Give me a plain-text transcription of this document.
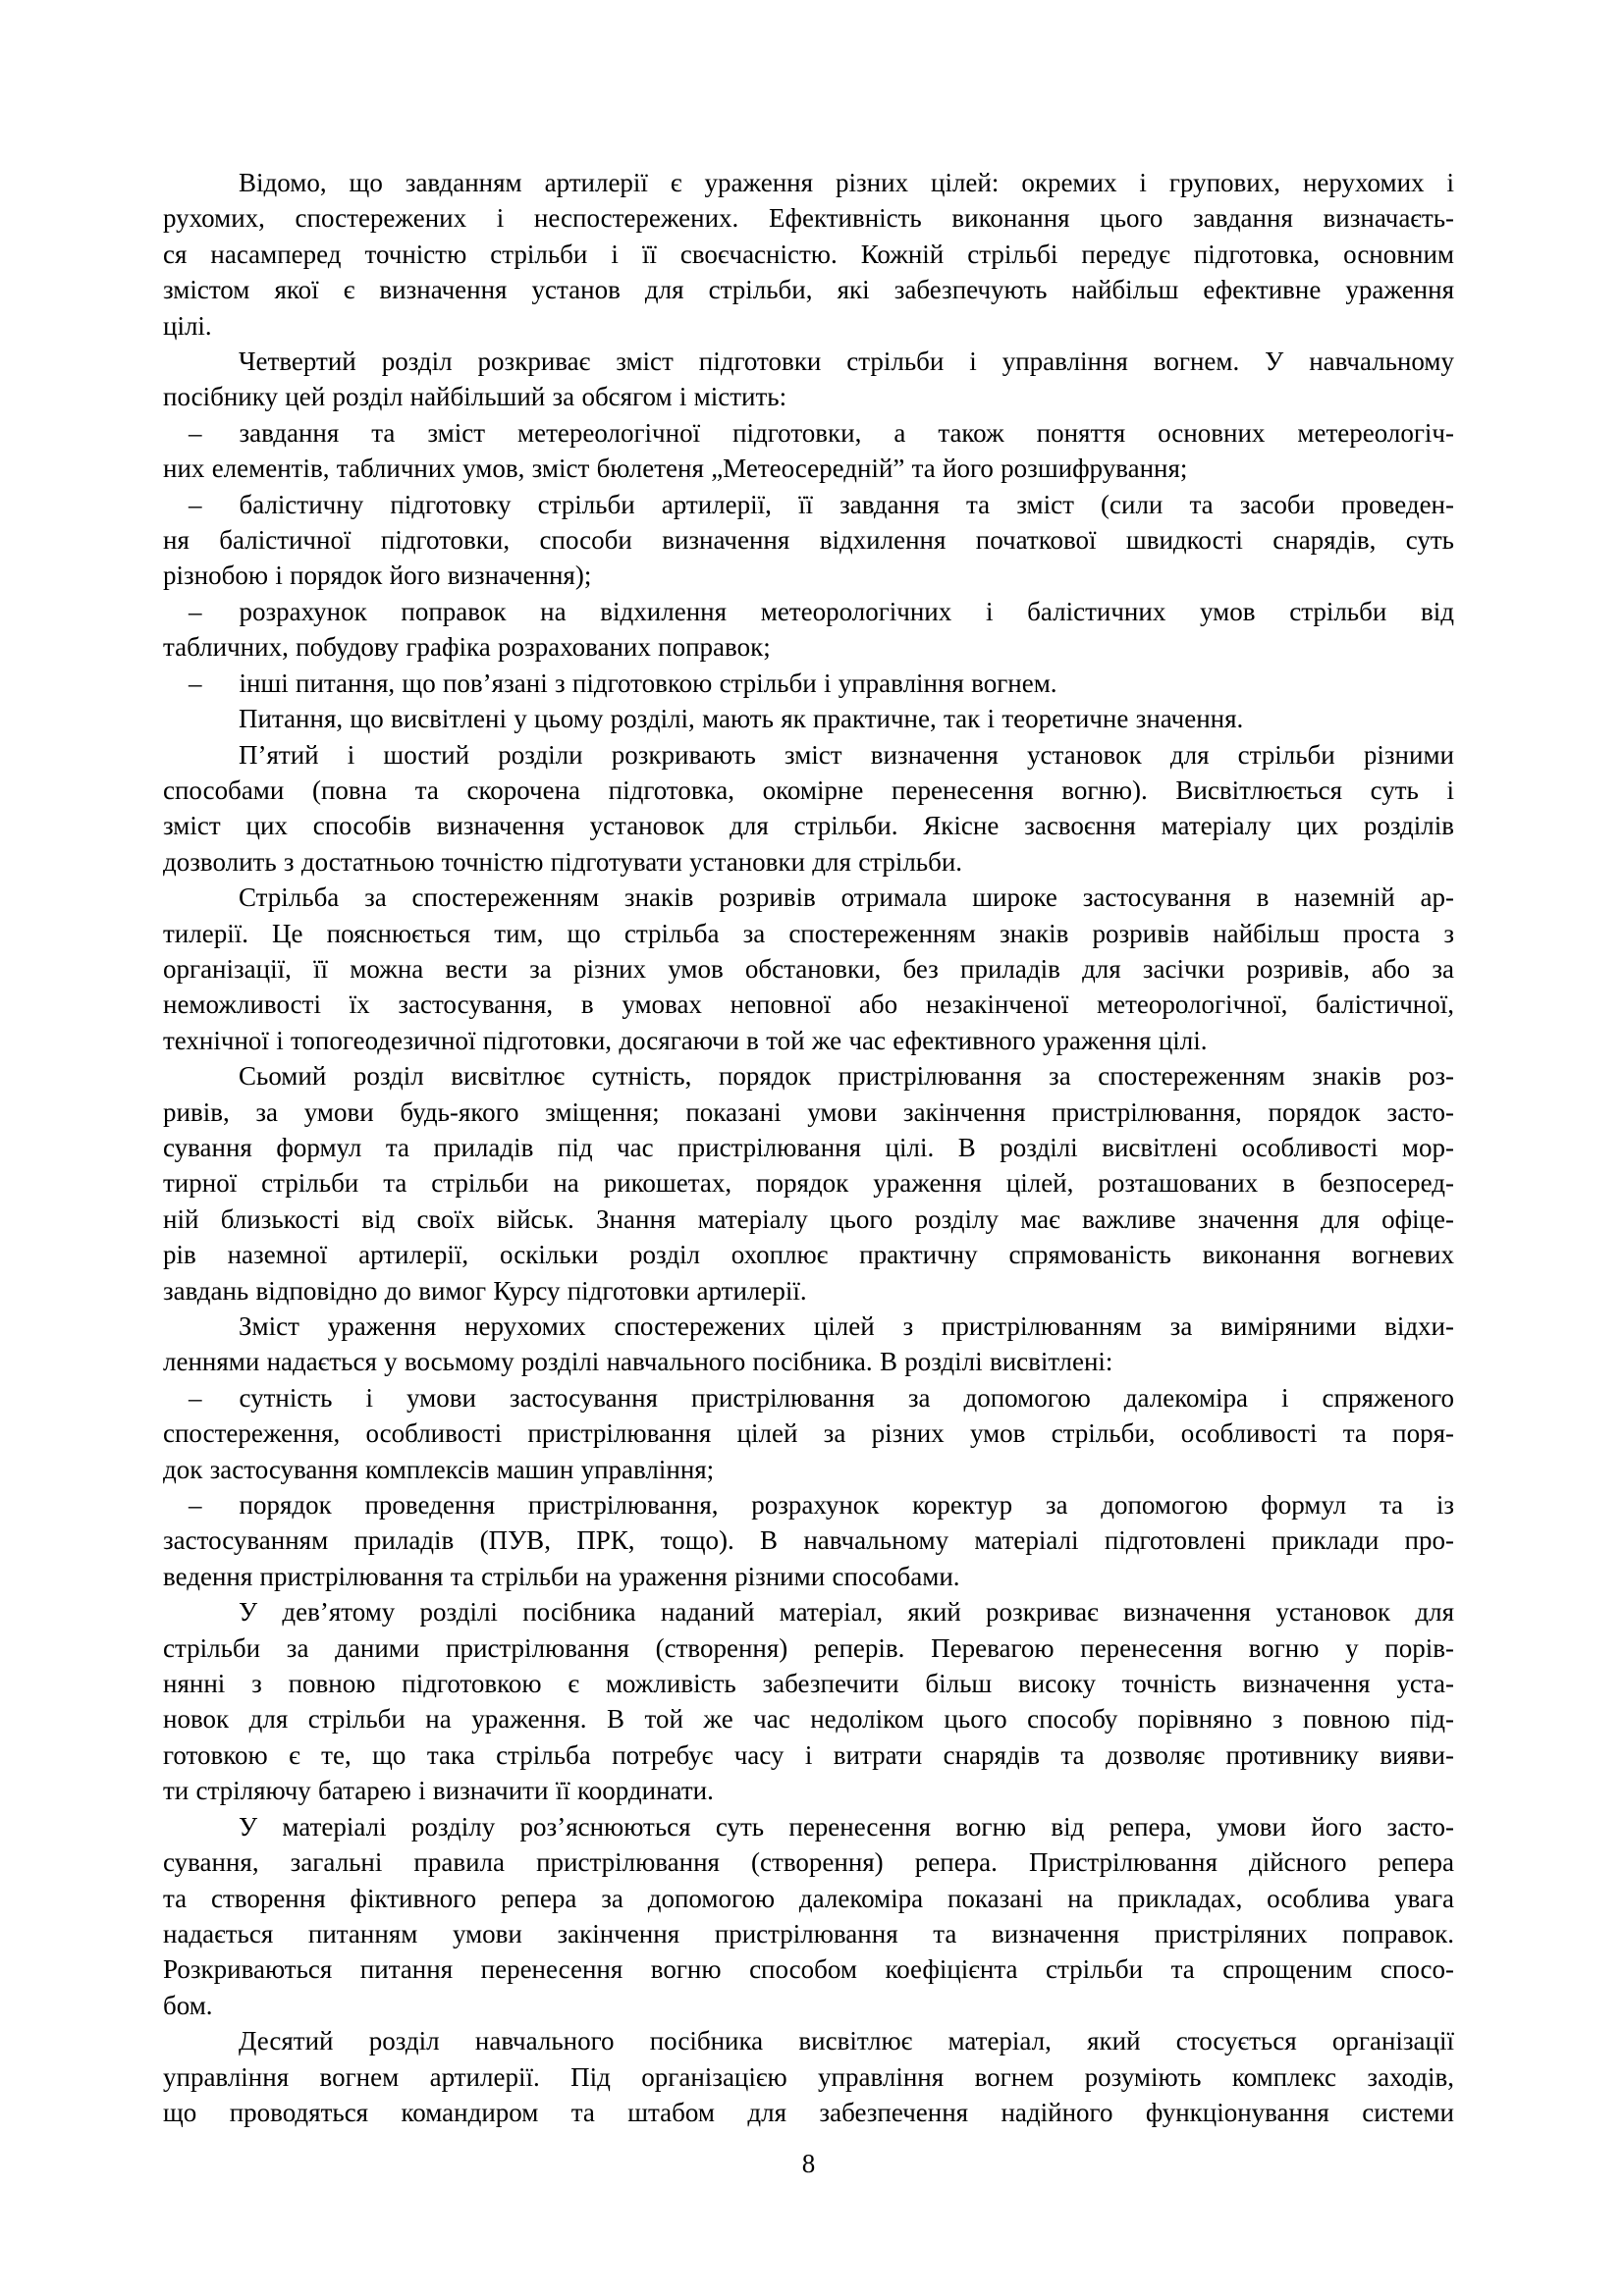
Відомо, що завданням артилерії є ураження різних цілей: окремих і групових, нерухомих і
рухомих, спостережених і неспостережених. Ефективність виконання цього завдання визначаєть-
ся насамперед точністю стрільби і її своєчасністю. Кожній стрільбі передує підготовка, основним
змістом якої є визначення установ для стрільби, які забезпечують найбільш ефективне ураження
цілі.
Четвертий розділ розкриває зміст підготовки стрільби і управління вогнем. У навчальному
посібнику цей розділ найбільший за обсягом і містить:
– завдання та зміст метереологічної підготовки, а також поняття основних метереологіч-
них елементів, табличних умов, зміст бюлетеня „Метеосередній” та його розшифрування;
– балістичну підготовку стрільби артилерії, її завдання та зміст (сили та засоби проведен-
ня балістичної підготовки, способи визначення відхилення початкової швидкості снарядів, суть
різнобою і порядок його визначення);
– розрахунок поправок на відхилення метеорологічних і балістичних умов стрільби від
табличних, побудову графіка розрахованих поправок;
– інші питання, що пов’язані з підготовкою стрільби і управління вогнем.
Питання, що висвітлені у цьому розділі, мають як практичне, так і теоретичне значення.
П’ятий і шостий розділи розкривають зміст визначення установок для стрільби різними
способами (повна та скорочена підготовка, окомірне перенесення вогню). Висвітлюється суть і
зміст цих способів визначення установок для стрільби. Якісне засвоєння матеріалу цих розділів
дозволить з достатньою точністю підготувати установки для стрільби.
Стрільба за спостереженням знаків розривів отримала широке застосування в наземній ар-
тилерії. Це пояснюється тим, що стрільба за спостереженням знаків розривів найбільш проста з
організації, її можна вести за різних умов обстановки, без приладів для засічки розривів, або за
неможливості їх застосування, в умовах неповної або незакінченої метеорологічної, балістичної,
технічної і топогеодезичної підготовки, досягаючи в той же час ефективного ураження цілі.
Сьомий розділ висвітлює сутність, порядок пристрілювання за спостереженням знаків роз-
ривів, за умови будь-якого зміщення; показані умови закінчення пристрілювання, порядок засто-
сування формул та приладів під час пристрілювання цілі. В розділі висвітлені особливості мор-
тирної стрільби та стрільби на рикошетах, порядок ураження цілей, розташованих в безпосеред-
ній близькості від своїх військ. Знання матеріалу цього розділу має важливе значення для офіце-
рів наземної артилерії, оскільки розділ охоплює практичну спрямованість виконання вогневих
завдань відповідно до вимог Курсу підготовки артилерії.
Зміст ураження нерухомих спостережених цілей з пристрілюванням за виміряними відхи-
леннями надається у восьмому розділі навчального посібника. В розділі висвітлені:
– сутність і умови застосування пристрілювання за допомогою далекоміра і спряженого
спостереження, особливості пристрілювання цілей за різних умов стрільби, особливості та поря-
док застосування комплексів машин управління;
– порядок проведення пристрілювання, розрахунок коректур за допомогою формул та із
застосуванням приладів (ПУВ, ПРК, тощо). В навчальному матеріалі підготовлені приклади про-
ведення пристрілювання та стрільби на ураження різними способами.
У дев’ятому розділі посібника наданий матеріал, який розкриває визначення установок для
стрільби за даними пристрілювання (створення) реперів. Перевагою перенесення вогню у порів-
нянні з повною підготовкою є можливість забезпечити більш високу точність визначення уста-
новок для стрільби на ураження. В той же час недоліком цього способу порівняно з повною під-
готовкою є те, що така стрільба потребує часу і витрати снарядів та дозволяє противнику вияви-
ти стріляючу батарею і визначити її координати.
У матеріалі розділу роз’яснюються суть перенесення вогню від репера, умови його засто-
сування, загальні правила пристрілювання (створення) репера. Пристрілювання дійсного репера
та створення фіктивного репера за допомогою далекоміра показані на прикладах, особлива увага
надається питанням умови закінчення пристрілювання та визначення пристріляних поправок.
Розкриваються питання перенесення вогню способом коефіцієнта стрільби та спрощеним спосо-
бом.
Десятий розділ навчального посібника висвітлює матеріал, який стосується організації
управління вогнем артилерії. Під організацією управління вогнем розуміють комплекс заходів,
що проводяться командиром та штабом для забезпечення надійного функціонування системи
8
